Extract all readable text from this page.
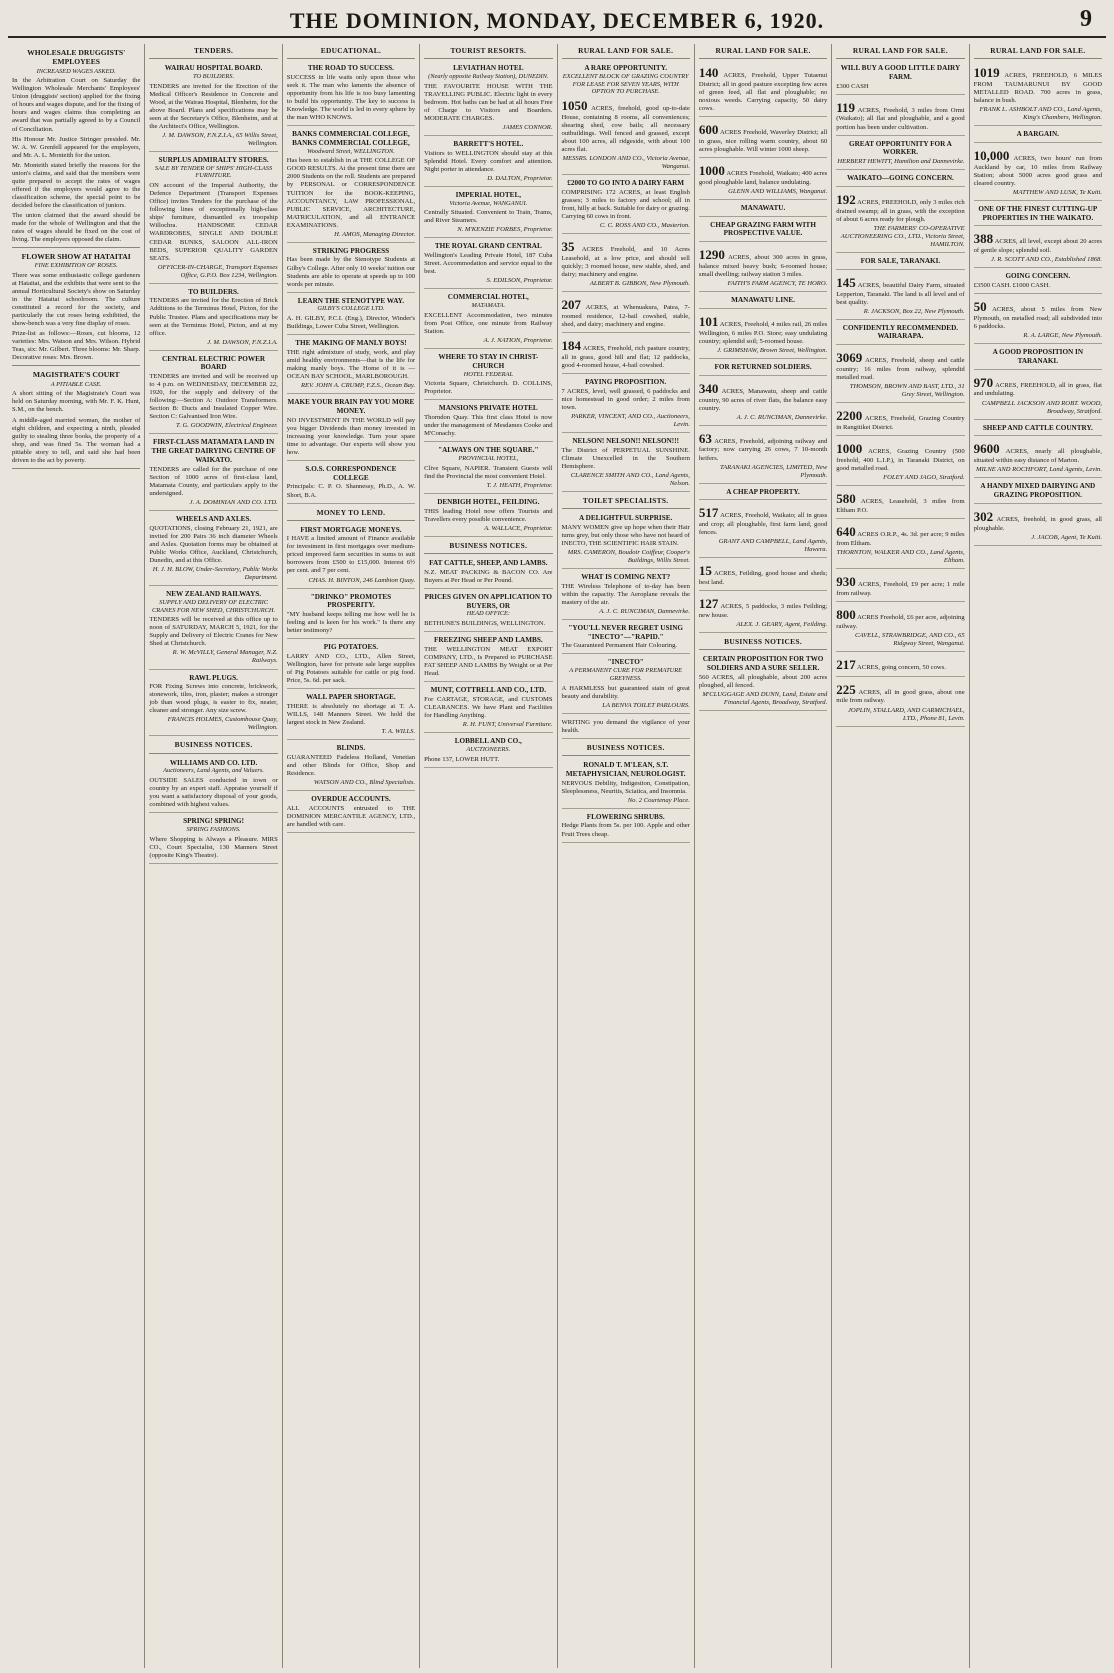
THE DOMINION, MONDAY, DECEMBER 6, 1920.	9
WHOLESALE DRUGGISTS' EMPLOYEES
INCREASED WAGES ASKED.

In the Arbitration Court on Saturday the Wellington Wholesale Merchants' Employees' Union (druggists' section) applied for the fixing of hours and wages dispute, and for the fixing of hours and wages claims thus completing an award that was partially agreed to by a Council of Conciliation.

His Honour Mr. Justice Stringer presided. Mr. W. A. W. Grenfell appeared for the employers, and Mr. A. L. Monteith for the union.

Mr. Monteith stated briefly the reasons for the union's claims, and said that the members were quite prepared to accept the rates of wages offered if the employers would agree to the classification scheme, the special point to be decided before the classification of juniors.

The union claimed that the award should be made for the whole of Wellington and that the rates of wages should be fixed on the cost of living. The employers opposed the claim.

FLOWER SHOW AT HATAITAI
FINE EXHIBITION OF ROSES.

There was some enthusiastic college gardeners at Hataitai, and the exhibits that were sent to the annual Horticultural Society's show on Saturday in the Hataitai schoolroom. The culture constituted a record for the society, and particularly the cut roses being exhibited, the show-bench was a very fine display of roses.

Prize-list as follows:—Roses, cut blooms, 12 varieties: Mrs. Watson and Mrs. Wilson. Hybrid Teas, six: Mr. Gilbert. Three blooms: Mr. Sharp. Decorative roses: Mrs. Brown.

MAGISTRATE'S COURT
A PITIABLE CASE.

A short sitting of the Magistrate's Court was held on Saturday morning, with Mr. F. K. Hunt, S.M., on the bench.

A middle-aged married woman, the mother of eight children, and expecting a ninth, pleaded guilty to stealing three books, the property of a shop, and was fined 5s. The woman had a pitiable story to tell, and said she had been driven to the act by poverty.

TENDERS.
WAIRAU HOSPITAL BOARD.
TO BUILDERS.
TENDERS are invited for the Erection of the Medical Officer's Residence in Concrete and Wood, at the Wairau Hospital, Blenheim, for the above Board. Plans and specifications may be seen at the Secretary's Office, Blenheim, and at the Architect's Office, Wellington.
J. M. DAWSON, F.N.Z.I.A., 65 Willis Street, Wellington.
SURPLUS ADMIRALTY STORES.
SALE BY TENDER OF SHIPS' HIGH-CLASS FURNITURE.
ON account of the Imperial Authority, the Defence Department (Transport Expenses Office) invites Tenders for the purchase of the following lines of exceptionally high-class ships' furniture, dismantled ex troopship Willochra. HANDSOME CEDAR WARDROBES, SINGLE AND DOUBLE CEDAR BUNKS, SALOON ALL-IRON BEDS, SUPERIOR QUALITY GARDEN SEATS.
OFFICER-IN-CHARGE, Transport Expenses Office, G.P.O. Box 1234, Wellington.
TO BUILDERS.
TENDERS are invited for the Erection of Brick Additions to the Terminus Hotel, Picton, for the Public Trustee. Plans and specifications may be seen at the Terminus Hotel, Picton, and at my office.
J. M. DAWSON, F.N.Z.I.A.
CENTRAL ELECTRIC POWER BOARD
TENDERS are invited and will be received up to 4 p.m. on WEDNESDAY, DECEMBER 22, 1920, for the supply and delivery of the following:—Section A: Outdoor Transformers. Section B: Ducts and Insulated Copper Wire. Section C: Galvanised Iron Wire.
T. G. GOODWIN, Electrical Engineer.
FIRST-CLASS MATAMATA LAND IN THE GREAT DAIRYING CENTRE OF WAIKATO.
TENDERS are called for the purchase of one Section of 1000 acres of first-class land, Matamata County, and particulars apply to the undersigned.
J. A. DOMINIAN AND CO. LTD.
WHEELS AND AXLES.
QUOTATIONS, closing February 21, 1921, are invited for 200 Pairs 36 inch diameter Wheels and Axles. Quotation forms may be obtained at Public Works Office, Auckland, Christchurch, Dunedin, and at this Office.
H. J. H. BLOW, Under-Secretary, Public Works Department.
NEW ZEALAND RAILWAYS.
SUPPLY AND DELIVERY OF ELECTRIC CRANES FOR NEW SHED, CHRISTCHURCH.
TENDERS will be received at this office up to noon of SATURDAY, MARCH 5, 1921, for the Supply and Delivery of Electric Cranes for New Shed at Christchurch.
R. W. McVILLY, General Manager, N.Z. Railways.
RAWL PLUGS.
FOR Fixing Screws into concrete, brickwork, stonework, tiles, iron, plaster; makes a stronger job than wood plugs, is easier to fix, neater, cleaner and stronger. Any size screw.
FRANCIS HOLMES, Customhouse Quay, Wellington.
BUSINESS NOTICES.
WILLIAMS AND CO. LTD.
Auctioneers, Land Agents, and Valuers.
OUTSIDE SALES conducted in town or country by an expert staff. Appraise yourself if you want a satisfactory disposal of your goods, combined with highest values.
SPRING! SPRING!
SPRING FASHIONS.
Where Shopping is Always a Pleasure. MIRS CO., Court Specialist, 130 Manners Street (opposite King's Theatre).
EDUCATIONAL.
THE ROAD TO SUCCESS.
SUCCESS in life waits only upon those who seek it. The man who laments the absence of opportunity from his life is too busy lamenting to build his opportunity. The key to success is Knowledge. The world is led in every sphere by the man WHO KNOWS.
BANKS COMMERCIAL COLLEGE, BANKS COMMERCIAL COLLEGE,
Woodward Street, WELLINGTON.
Has been to establish in at THE COLLEGE OF GOOD RESULTS. At the present time there are 2000 Students on the roll. Students are prepared by PERSONAL or CORRESPONDENCE TUITION for the BOOK-KEEPING, ACCOUNTANCY, LAW PROFESSIONAL, PUBLIC SERVICE, ARCHITECTURE, MATRICULATION, and all ENTRANCE EXAMINATIONS.
H. AMOS, Managing Director.
STRIKING PROGRESS
Has been made by the Stenotype Students at Gilby's College. After only 10 weeks' tuition our Students are able to operate at speeds up to 100 words per minute.
LEARN THE STENOTYPE WAY.
GILBY'S COLLEGE LTD.
A. H. GILBY, P.C.I. (Eng.), Director, Winder's Buildings, Lower Cuba Street, Wellington.
THE MAKING OF MANLY BOYS!
THE right admixture of study, work, and play amid healthy environments—that is the life for making manly boys. The Home of it is — OCEAN BAY SCHOOL, MARLBOROUGH.
REV. JOHN A. CRUMP, F.Z.S., Ocean Bay.
MAKE YOUR BRAIN PAY YOU MORE MONEY.
NO INVESTMENT IN THE WORLD will pay you bigger Dividends than money invested in increasing your knowledge. Turn your spare time to advantage. Our experts will show you how.
S.O.S. CORRESPONDENCE COLLEGE
Principals: C. P. O. Shannessy, Ph.D., A. W. Short, B.A.
MONEY TO LEND.
FIRST MORTGAGE MONEYS.
I HAVE a limited amount of Finance available for investment in first mortgages over medium-priced improved farm securities in sums to suit borrowers from £500 to £15,000. Interest 6½ per cent. and 7 per cent.
CHAS. H. BINTON, 246 Lambton Quay.
"DRINKO" PROMOTES PROSPERITY.
"MY husband keeps telling me how well he is feeling and is keen for his work." Is there any better testimony?
PIG POTATOES.
LARRY AND CO., LTD., Allen Street, Wellington, have for private sale large supplies of Pig Potatoes suitable for cattle or pig food. Price, 5s. 6d. per sack.
WALL PAPER SHORTAGE.
THERE is absolutely no shortage at T. A. WILLS, 148 Manners Street. We hold the largest stock in New Zealand.
T. A. WILLS.
BLINDS.
GUARANTEED Fadeless Holland, Venetian and other Blinds for Office, Shop and Residence.
WATSON AND CO., Blind Specialists.
OVERDUE ACCOUNTS.
ALL ACCOUNTS entrusted to THE DOMINION MERCANTILE AGENCY, LTD., are handled with care.
TOURIST RESORTS.
LEVIATHAN HOTEL
(Nearly opposite Railway Station), DUNEDIN.
THE FAVOURITE HOUSE WITH THE TRAVELLING PUBLIC. Electric light in every bedroom. Hot baths can be had at all hours Free of Charge to Visitors and Boarders. MODERATE CHARGES.
JAMES CONNOR.
BARRETT'S HOTEL.
Visitors to WELLINGTON should stay at this Splendid Hotel. Every comfort and attention. Night porter in attendance.
D. DALTON, Proprietor.
IMPERIAL HOTEL,
Victoria Avenue, WANGANUI.
Centrally Situated. Convenient to Train, Trams, and River Steamers.
N. M'KENZIE FORBES, Proprietor.
THE ROYAL GRAND CENTRAL
Wellington's Leading Private Hotel, 187 Cuba Street. Accommodation and service equal to the best.
S. EDILSON, Proprietor.
COMMERCIAL HOTEL,
MATAMATA.
EXCELLENT Accommodation, two minutes from Post Office, one minute from Railway Station.
A. J. NATION, Proprietor.
WHERE TO STAY IN CHRIST-CHURCH
HOTEL FEDERAL
Victoria Square, Christchurch. D. COLLINS, Proprietor.
MANSIONS PRIVATE HOTEL
Thorndon Quay. This first class Hotel is now under the management of Mesdames Cooke and M'Conachy.
"ALWAYS ON THE SQUARE."
PROVINCIAL HOTEL,
Clive Square, NAPIER. Transient Guests will find the Provincial the most convenient Hotel.
T. J. HEATH, Proprietor.
DENBIGH HOTEL, FEILDING.
THIS leading Hotel now offers Tourists and Travellers every possible convenience.
A. WALLACE, Proprietor.
BUSINESS NOTICES.
FAT CATTLE, SHEEP, AND LAMBS.
N.Z. MEAT PACKING & BACON CO. Are Buyers at Per Head or Per Pound.
PRICES GIVEN ON APPLICATION TO BUYERS, OR
HEAD OFFICE:
BETHUNE'S BUILDINGS, WELLINGTON.
FREEZING SHEEP AND LAMBS.
THE WELLINGTON MEAT EXPORT COMPANY, LTD., Is Prepared to PURCHASE FAT SHEEP AND LAMBS By Weight or at Per Head.
MUNT, COTTRELL AND CO., LTD.
For CARTAGE, STORAGE, and CUSTOMS CLEARANCES. We have Plant and Facilities for Handling Anything.
R. H. FUNT, Universal Furniture.
LOBBELL AND CO.,
AUCTIONEERS.
Phone 137, LOWER HUTT.
RURAL LAND FOR SALE.
A RARE OPPORTUNITY.
EXCELLENT BLOCK OF GRAZING COUNTRY FOR LEASE FOR SEVEN YEARS, WITH OPTION TO PURCHASE.
1050 ACRES, freehold, good up-to-date House, containing 8 rooms, all conveniences; shearing shed, cow bails; all necessary outbuildings. Well fenced and grassed, except about 100 acres, all ridgeside, with about 100 acres flat.
MESSRS. LONDON AND CO., Victoria Avenue, Wanganui.
£2000 TO GO INTO A DAIRY FARM
COMPRISING 172 ACRES, at least English grasses; 3 miles to factory and school; all in front, hilly at back. Suitable for dairy or grazing. Carrying 60 cows in front.
C. C. ROSS AND CO., Masterton.
35 ACRES Freehold, and 10 Acres Leasehold, at a low price, and should sell quickly; 3 roomed house, new stable, shed, and dairy; machinery and engine.
ALBERT B. GIBBON, New Plymouth.
207 ACRES, at Whenuakura, Patea, 7-roomed residence, 12-bail cowshed, stable, shed, and dairy; machinery and engine.
184 ACRES, Freehold, rich pasture country, all in grass, good hill and flat; 12 paddocks, good 4-roomed house, 4-bail cowshed.
PAYING PROPOSITION.
7 ACRES, level, well grassed, 6 paddocks and nice homestead in good order; 2 miles from town.
PARKER, VINCENT, AND CO., Auctioneers, Levin.
NELSON! NELSON!! NELSON!!!
The District of PERPETUAL SUNSHINE. Climate Unexcelled in the Southern Hemisphere.
CLARENCE SMITH AND CO., Land Agents, Nelson.
TOILET SPECIALISTS.
A DELIGHTFUL SURPRISE.
MANY WOMEN give up hope when their Hair turns grey, but only those who have not heard of INECTO, THE SCIENTIFIC HAIR STAIN.
MRS. CAMERON, Boudoir Coiffeur, Cooper's Buildings, Willis Street.
WHAT IS COMING NEXT?
THE Wireless Telephone of to-day has been within the capacity. The Aeroplane reveals the mastery of the air.
A. J. C. RUNCIMAN, Dannevirke.
"YOU'LL NEVER REGRET USING "INECTO"—"RAPID."
The Guaranteed Permanent Hair Colouring.
"INECTO"
A PERMANENT CURE FOR PREMATURE GREYNESS.
A HARMLESS but guaranteed stain of great beauty and durability.
LA BENVA TOILET PARLOURS.
WRITING you demand the vigilance of your health.
BUSINESS NOTICES.
RONALD T. M'LEAN, S.T. METAPHYSICIAN, NEUROLOGIST.
NERVOUS Debility, Indigestion, Constipation, Sleeplessness, Neuritis, Sciatica, and Insomnia.
No. 2 Courtenay Place.
FLOWERING SHRUBS.
Hedge Plants from 5s. per 100. Apple and other Fruit Trees cheap.
RURAL LAND FOR SALE.
140 ACRES, Freehold, Upper Tutaenui District; all in good pasture excepting few acres of green feed, all flat and ploughable; no noxious weeds. Carrying capacity, 50 dairy cows.
600 ACRES Freehold, Waverley District; all in grass, nice rolling warm country, about 60 acres ploughable. Will winter 1000 sheep.
1000 ACRES Freehold, Waikato; 400 acres good ploughable land, balance undulating.
GLENN AND WILLIAMS, Wanganui.
MANAWATU.
CHEAP GRAZING FARM WITH PROSPECTIVE VALUE.
1290 ACRES, about 300 acres in grass, balance mixed heavy bush; 6-roomed house; small dwelling; railway station 3 miles.
FAITH'S FARM AGENCY, TE HORO.
MANAWATU LINE.
101 ACRES, Freehold, 4 miles rail, 26 miles Wellington, 6 miles P.O. Store; easy undulating country; splendid soil; 5-roomed house.
J. GRIMSHAW, Brown Street, Wellington.
FOR RETURNED SOLDIERS.
340 ACRES, Manawatu, sheep and cattle country, 90 acres of river flats, the balance easy country.
A. J. C. RUNCIMAN, Dannevirke.
63 ACRES, Freehold, adjoining railway and factory; now carrying 26 cows, 7 10-month heifers.
TARANAKI AGENCIES, LIMITED, New Plymouth.
A CHEAP PROPERTY.
517 ACRES, Freehold, Waikato; all in grass and crop; all ploughable, first farm land, good fences.
GRANT AND CAMPBELL, Land Agents, Hawera.
15 ACRES, Feilding, good house and sheds; best land.
127 ACRES, 5 paddocks, 3 miles Feilding; new house.
ALEX. J. GEARY, Agent, Feilding.
BUSINESS NOTICES.
CERTAIN PROPOSITION FOR TWO SOLDIERS AND A SURE SELLER.
560 ACRES, all ploughable, about 200 acres ploughed, all fenced.
M'CLUGGAGE AND DUNN, Land, Estate and Financial Agents, Broadway, Stratford.
RURAL LAND FOR SALE.
WILL BUY A GOOD LITTLE DAIRY FARM.
£300 CASH
119 ACRES, Freehold, 3 miles from Ormi (Waikato); all flat and ploughable, and a good portion has been under cultivation.
GREAT OPPORTUNITY FOR A WORKER.
HERBERT HEWITT, Hamilton and Dannevirke.
WAIKATO—GOING CONCERN.
192 ACRES, FREEHOLD, only 3 miles rich drained swamp; all in grass, with the exception of about 6 acres ready for plough.
THE FARMERS' CO-OPERATIVE AUCTIONEERING CO., LTD., Victoria Street, HAMILTON.
FOR SALE, TARANAKI.
145 ACRES, beautiful Dairy Farm, situated Lepperton, Taranaki. The land is all level and of best quality.
R. JACKSON, Box 22, New Plymouth.
CONFIDENTLY RECOMMENDED. WAIRARAPA.
3069 ACRES, Freehold, sheep and cattle country; 16 miles from railway, splendid metalled road.
THOMSON, BROWN AND BAST, LTD., 31 Grey Street, Wellington.
2200 ACRES, Freehold, Grazing Country in Rangitikei District.
1000 ACRES, Grazing Country (500 freehold, 400 L.I.P.), in Taranaki District, on good metalled road.
FOLEY AND JAGO, Stratford.
580 ACRES, Leasehold, 3 miles from Eltham P.O.
640 ACRES O.R.P., 4s. 3d. per acre; 9 miles from Eltham.
THORNTON, WALKER AND CO., Land Agents, Eltham.
930 ACRES, Freehold, £9 per acre; 1 mile from railway.
800 ACRES Freehold, £6 per acre, adjoining railway.
CAVELL, STRAWBRIDGE, AND CO., 65 Ridgway Street, Wanganui.
217 ACRES, going concern, 50 cows.
225 ACRES, all in good grass, about one mile from railway.
JOPLIN, STALLARD, AND CARMICHAEL, LTD., Phone 81, Levin.
RURAL LAND FOR SALE.
1019 ACRES, FREEHOLD, 6 MILES FROM TAUMARUNUI BY GOOD METALLED ROAD. 700 acres in grass, balance in bush.
FRANK L. ASHBOLT AND CO., Land Agents, King's Chambers, Wellington.
A BARGAIN.
10,000 ACRES, two hours' run from Auckland by car, 10 miles from Railway Station; about 5000 acres good grass and cleared country.
MATTHEW AND LUSK, Te Kuiti.
ONE OF THE FINEST CUTTING-UP PROPERTIES IN THE WAIKATO.
388 ACRES, all level, except about 20 acres of gentle slope; splendid soil.
J. R. SCOTT AND CO., Established 1868.
GOING CONCERN.
£3500 CASH. £1000 CASH.
50 ACRES, about 5 miles from New Plymouth, on metalled road; all subdivided into 6 paddocks.
R. A. LARGE, New Plymouth.
A GOOD PROPOSITION IN TARANAKI.
970 ACRES, FREEHOLD, all in grass, flat and undulating.
CAMPBELL JACKSON AND ROBT. WOOD, Broadway, Stratford.
SHEEP AND CATTLE COUNTRY.
9600 ACRES, nearly all ploughable, situated within easy distance of Marton.
MILNE AND ROCHFORT, Land Agents, Levin.
A HANDY MIXED DAIRYING AND GRAZING PROPOSITION.
302 ACRES, freehold, in good grass, all ploughable.
J. JACOB, Agent, Te Kuiti.
